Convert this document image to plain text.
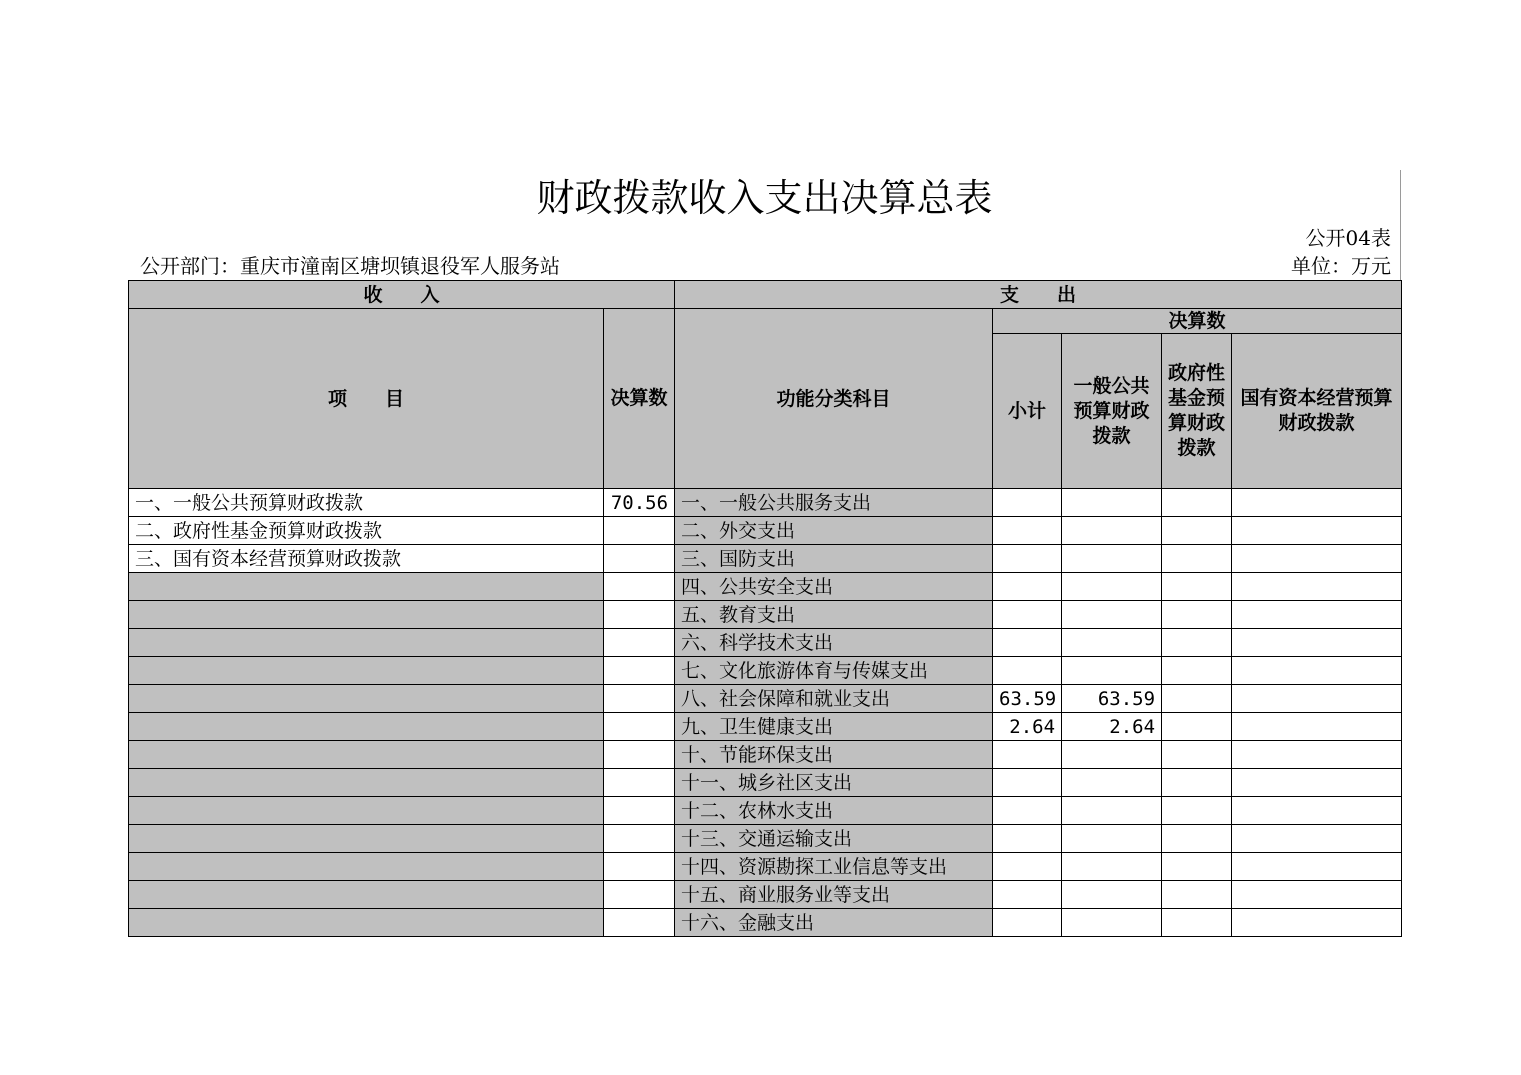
财政拨款收入支出决算总表
公开04表
公开部门：重庆市潼南区塘坝镇退役军人服务站	单位：万元
收　　入		支　　出				
项　　目	决算数	功能分类科目	决算数			
			小计	一般公共预算财政拨款	政府性基金预算财政拨款	国有资本经营预算财政拨款
一、一般公共预算财政拨款	70.56	一、一般公共服务支出				
二、政府性基金预算财政拨款		二、外交支出				
三、国有资本经营预算财政拨款		三、国防支出				
		四、公共安全支出				
		五、教育支出				
		六、科学技术支出				
		七、文化旅游体育与传媒支出				
		八、社会保障和就业支出	63.59	63.59		
		九、卫生健康支出	2.64	2.64		
		十、节能环保支出				
		十一、城乡社区支出				
		十二、农林水支出				
		十三、交通运输支出				
		十四、资源勘探工业信息等支出				
		十五、商业服务业等支出				
		十六、金融支出				
